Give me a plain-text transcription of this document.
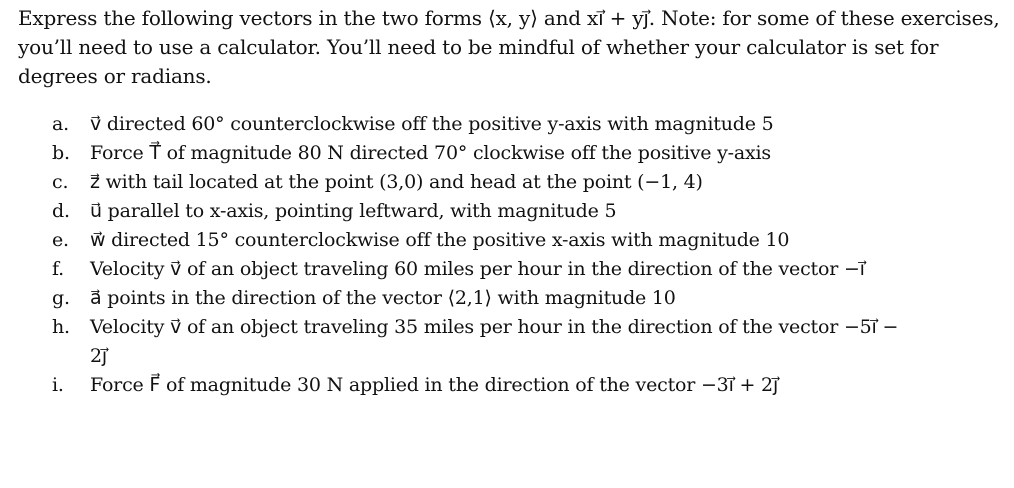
Express the following vectors in the two forms ⟨x, y⟩ and xi⃗ + yj⃗. Note: for some of these exercises, you’ll need to use a calculator. You’ll need to be mindful of whether your calculator is set for degrees or radians.

a.	v⃗ directed 60° counterclockwise off the positive y-axis with magnitude 5
b.	Force T⃗ of magnitude 80 N directed 70° clockwise off the positive y-axis
c.	z⃗ with tail located at the point (3,0) and head at the point (−1, 4)
d.	u⃗ parallel to x-axis, pointing leftward, with magnitude 5
e.	w⃗ directed 15° counterclockwise off the positive x-axis with magnitude 10
f.	Velocity v⃗ of an object traveling 60 miles per hour in the direction of the vector −i⃗
g.	a⃗ points in the direction of the vector ⟨2,1⟩ with magnitude 10
h.	Velocity v⃗ of an object traveling 35 miles per hour in the direction of the vector −5i⃗ −
2j⃗
i.	Force F⃗ of magnitude 30 N applied in the direction of the vector −3i⃗ + 2j⃗
